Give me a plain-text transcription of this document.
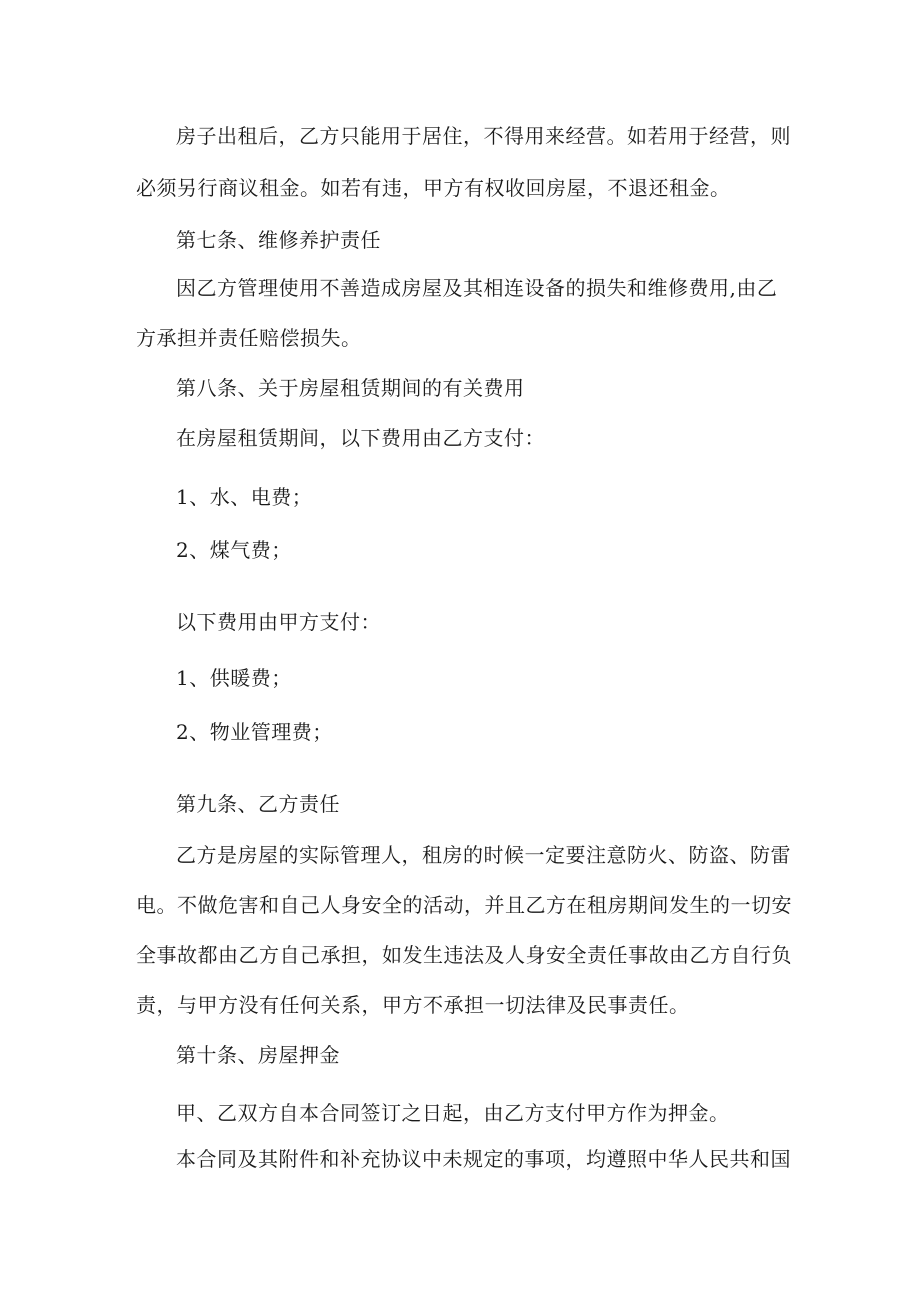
房子出租后，乙方只能用于居住，不得用来经营。如若用于经营，则
必须另行商议租金。如若有违，甲方有权收回房屋，不退还租金。
第七条、维修养护责任
因乙方管理使用不善造成房屋及其相连设备的损失和维修费用,由乙
方承担并责任赔偿损失。
第八条、关于房屋租赁期间的有关费用
在房屋租赁期间，以下费用由乙方支付：
1、水、电费；
2、煤气费；
以下费用由甲方支付：
1、供暖费；
2、物业管理费；
第九条、乙方责任
乙方是房屋的实际管理人，租房的时候一定要注意防火、防盗、防雷
电。不做危害和自己人身安全的活动，并且乙方在租房期间发生的一切安
全事故都由乙方自己承担，如发生违法及人身安全责任事故由乙方自行负
责，与甲方没有任何关系，甲方不承担一切法律及民事责任。
第十条、房屋押金
甲、乙双方自本合同签订之日起，由乙方支付甲方作为押金。
本合同及其附件和补充协议中未规定的事项，均遵照中华人民共和国
